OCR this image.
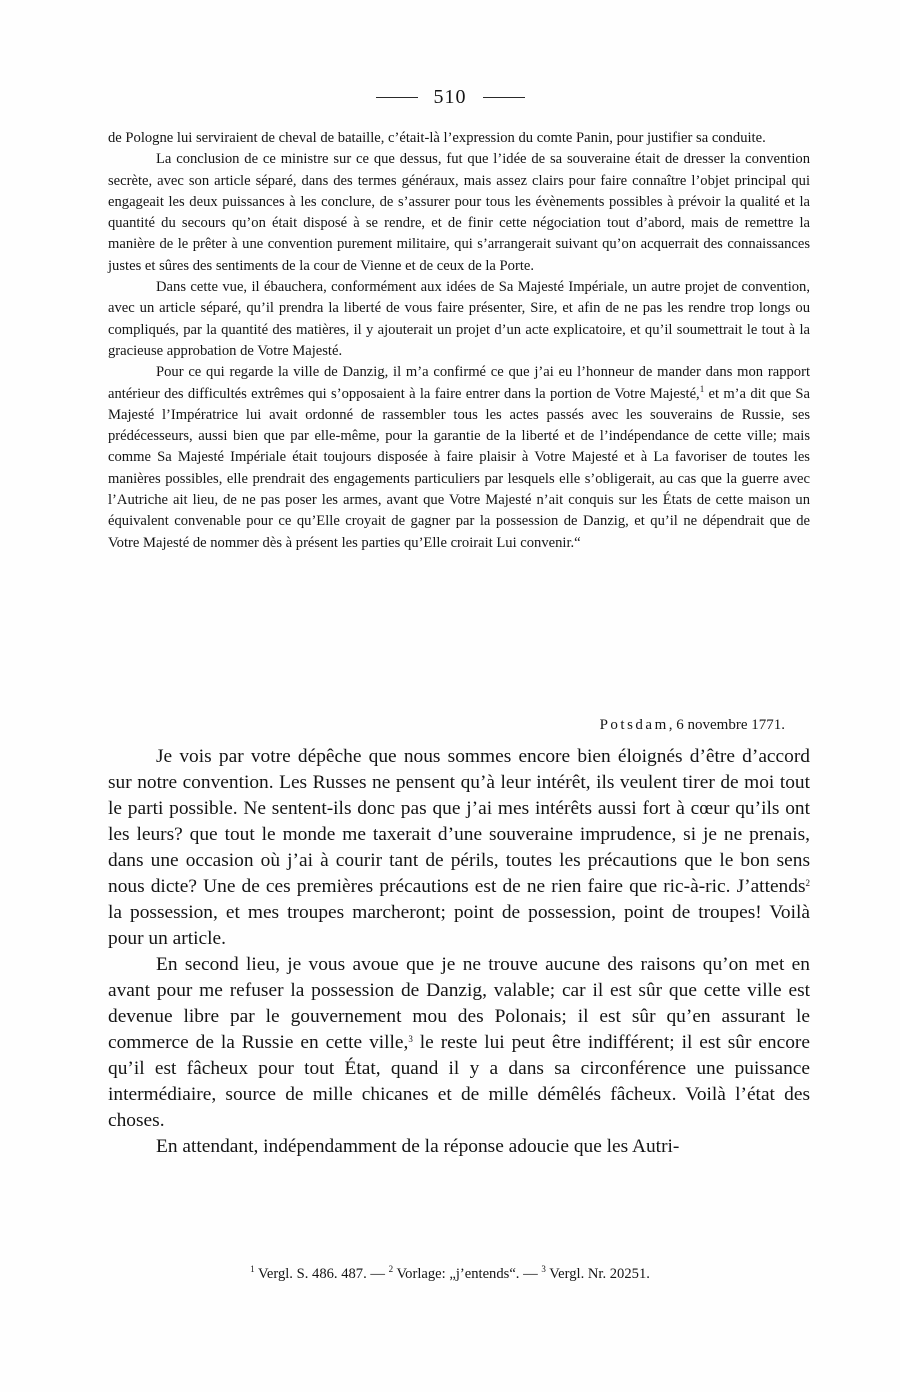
510

de Pologne lui serviraient de cheval de bataille, c’était-là l’expression du comte Panin, pour justifier sa conduite.

La conclusion de ce ministre sur ce que dessus, fut que l’idée de sa souveraine était de dresser la convention secrète, avec son article séparé, dans des termes généraux, mais assez clairs pour faire connaître l’objet principal qui engageait les deux puissances à les conclure, de s’assurer pour tous les évènements possibles à prévoir la qualité et la quantité du secours qu’on était disposé à se rendre, et de finir cette négociation tout d’abord, mais de remettre la manière de le prêter à une convention purement militaire, qui s’arrangerait suivant qu’on acquerrait des connaissances justes et sûres des sentiments de la cour de Vienne et de ceux de la Porte.

Dans cette vue, il ébauchera, conformément aux idées de Sa Majesté Impériale, un autre projet de convention, avec un article séparé, qu’il prendra la liberté de vous faire présenter, Sire, et afin de ne pas les rendre trop longs ou compliqués, par la quantité des matières, il y ajouterait un projet d’un acte explicatoire, et qu’il soumettrait le tout à la gracieuse approbation de Votre Majesté.

Pour ce qui regarde la ville de Danzig, il m’a confirmé ce que j’ai eu l’honneur de mander dans mon rapport antérieur des difficultés extrêmes qui s’opposaient à la faire entrer dans la portion de Votre Majesté,$^1$ et m’a dit que Sa Majesté l’Impératrice lui avait ordonné de rassembler tous les actes passés avec les souverains de Russie, ses prédécesseurs, aussi bien que par elle-même, pour la garantie de la liberté et de l’indépendance de cette ville; mais comme Sa Majesté Impériale était toujours disposée à faire plaisir à Votre Majesté et à La favoriser de toutes les manières possibles, elle prendrait des engagements particuliers par lesquels elle s’obligerait, au cas que la guerre avec l’Autriche ait lieu, de ne pas poser les armes, avant que Votre Majesté n’ait conquis sur les États de cette maison un équivalent convenable pour ce qu’Elle croyait de gagner par la possession de Danzig, et qu’il ne dépendrait que de Votre Majesté de nommer dès à présent les parties qu’Elle croirait Lui convenir.“

Potsdam, 6 novembre 1771.

Je vois par votre dépêche que nous sommes encore bien éloignés d’être d’accord sur notre convention. Les Russes ne pensent qu’à leur intérêt, ils veulent tirer de moi tout le parti possible. Ne sentent-ils donc pas que j’ai mes intérêts aussi fort à cœur qu’ils ont les leurs? que tout le monde me taxerait d’une souveraine imprudence, si je ne prenais, dans une occasion où j’ai à courir tant de périls, toutes les précautions que le bon sens nous dicte? Une de ces premières précautions est de ne rien faire que ric-à-ric. J’attends$^2$ la possession, et mes troupes marcheront; point de possession, point de troupes! Voilà pour un article.

En second lieu, je vous avoue que je ne trouve aucune des raisons qu’on met en avant pour me refuser la possession de Danzig, valable; car il est sûr que cette ville est devenue libre par le gouvernement mou des Polonais; il est sûr qu’en assurant le commerce de la Russie en cette ville,$^3$ le reste lui peut être indifférent; il est sûr encore qu’il est fâcheux pour tout État, quand il y a dans sa circonférence une puissance intermédiaire, source de mille chicanes et de mille démêlés fâcheux. Voilà l’état des choses.

En attendant, indépendamment de la réponse adoucie que les Autri-

$^1$ Vergl. S. 486. 487. — $^2$ Vorlage: „j’entends“. — $^3$ Vergl. Nr. 20251.
